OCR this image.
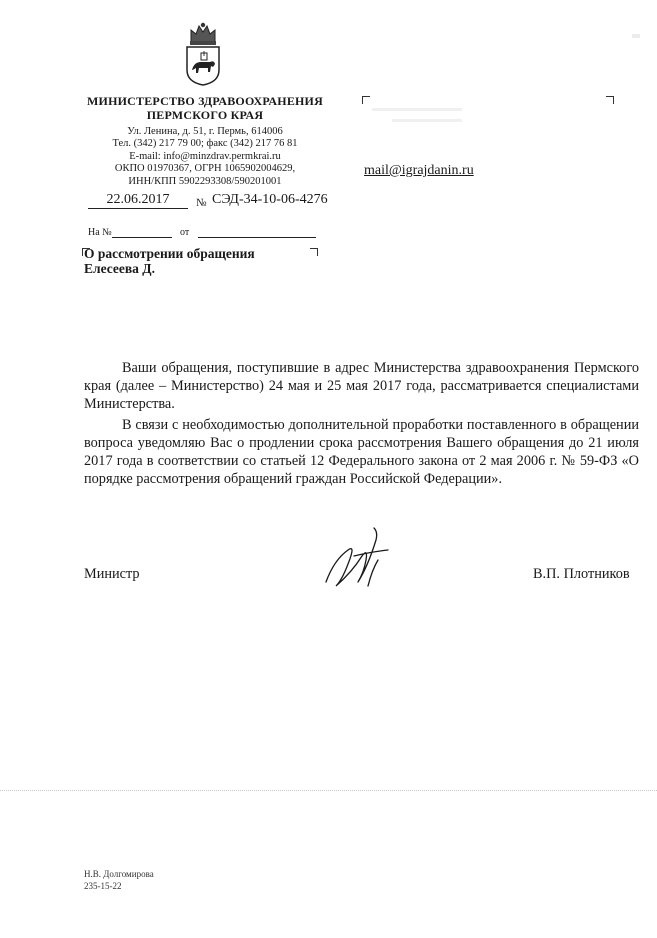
МИНИСТЕРСТВО ЗДРАВООХРАНЕНИЯ
ПЕРМСКОГО КРАЯ
Ул. Ленина, д. 51, г. Пермь, 614006
Тел. (342) 217 79 00; факс (342) 217 76 81
E-mail: info@minzdrav.permkrai.ru
ОКПО 01970367, ОГРН 1065902004629,
ИНН/КПП 5902293308/590201001
22.06.2017	№ СЭД-34-10-06-4276
На №	от
О рассмотрении обращения
Елесеева Д.
mail@igrajdanin.ru

Ваши обращения, поступившие в адрес Министерства здравоохранения Пермского края (далее – Министерство) 24 мая и 25 мая 2017 года, рассматривается специалистами Министерства.

В связи с необходимостью дополнительной проработки поставленного в обращении вопроса уведомляю Вас о продлении срока рассмотрения Вашего обращения до 21 июля 2017 года в соответствии со статьей 12 Федерального закона от 2 мая 2006 г. № 59-ФЗ «О порядке рассмотрения обращений граждан Российской Федерации».

Министр	В.П. Плотников
Н.В. Долгомирова
235-15-22
